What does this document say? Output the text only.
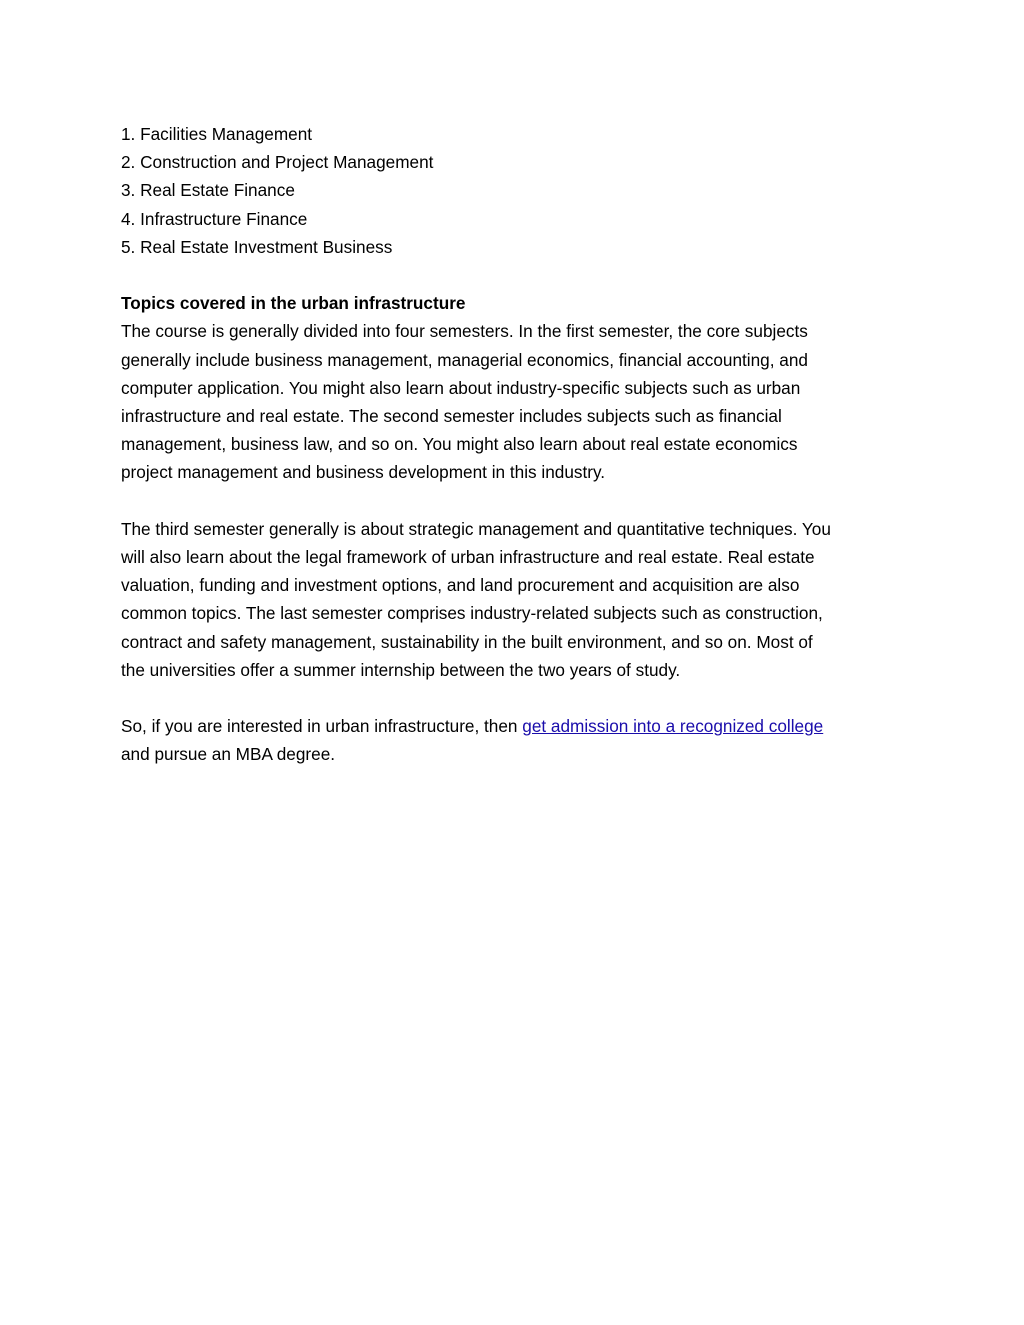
1. Facilities Management
2. Construction and Project Management
3. Real Estate Finance
4. Infrastructure Finance
5. Real Estate Investment Business
Topics covered in the urban infrastructure

The course is generally divided into four semesters. In the first semester, the core subjects
generally include business management, managerial economics, financial accounting, and
computer application. You might also learn about industry-specific subjects such as urban
infrastructure and real estate. The second semester includes subjects such as financial
management, business law, and so on. You might also learn about real estate economics
project management and business development in this industry.

The third semester generally is about strategic management and quantitative techniques. You
will also learn about the legal framework of urban infrastructure and real estate. Real estate
valuation, funding and investment options, and land procurement and acquisition are also
common topics. The last semester comprises industry-related subjects such as construction,
contract and safety management, sustainability in the built environment, and so on. Most of
the universities offer a summer internship between the two years of study.

So, if you are interested in urban infrastructure, then get admission into a recognized college
and pursue an MBA degree.
